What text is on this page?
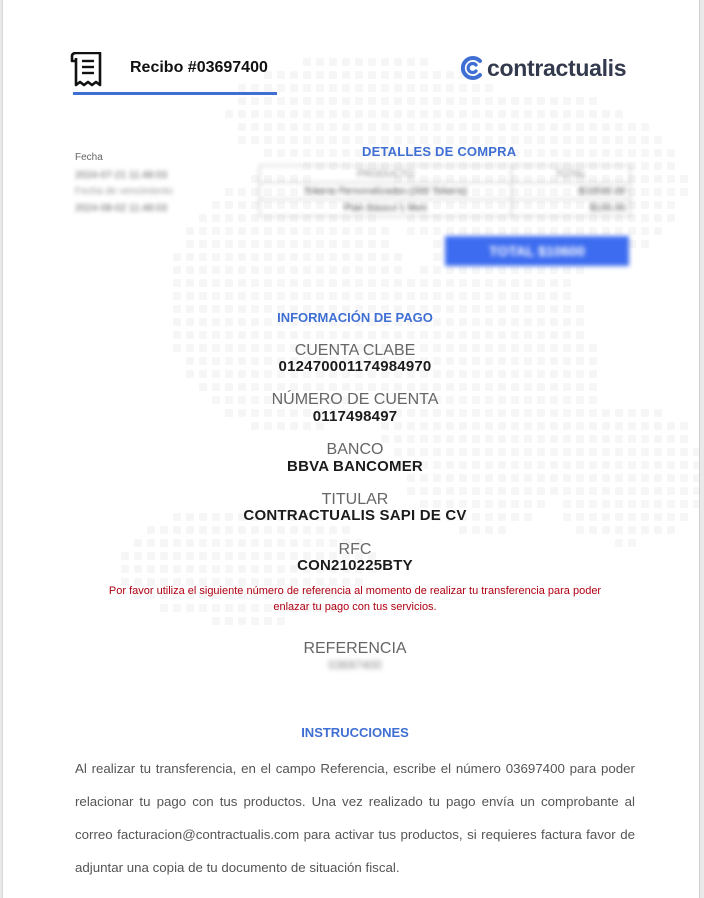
Recibo #03697400	contractualis
Fecha
2024-07-21 11:48:03
Fecha de vencimiento
2024-08-02 11:48:03
DETALLES DE COMPRA
PRODUCTO	TOTAL
Tokens Personalizados (300 Tokens)	$10500.00
Plan Básico 1 Mes	$100.00
TOTAL $10600
INFORMACIÓN DE PAGO
CUENTA CLABE
012470001174984970
NÚMERO DE CUENTA
0117498497
BANCO
BBVA BANCOMER
TITULAR
CONTRACTUALIS SAPI DE CV
RFC
CON210225BTY
Por favor utiliza el siguiente número de referencia al momento de realizar tu transferencia para poder
enlazar tu pago con tus servicios.
REFERENCIA
03697400
INSTRUCCIONES
Al realizar tu transferencia, en el campo Referencia, escribe el número 03697400 para poder relacionar tu pago con tus productos. Una vez realizado tu pago envía un comprobante al correo facturacion@contractualis.com para activar tus productos, si requieres factura favor de adjuntar una copia de tu documento de situación fiscal.
